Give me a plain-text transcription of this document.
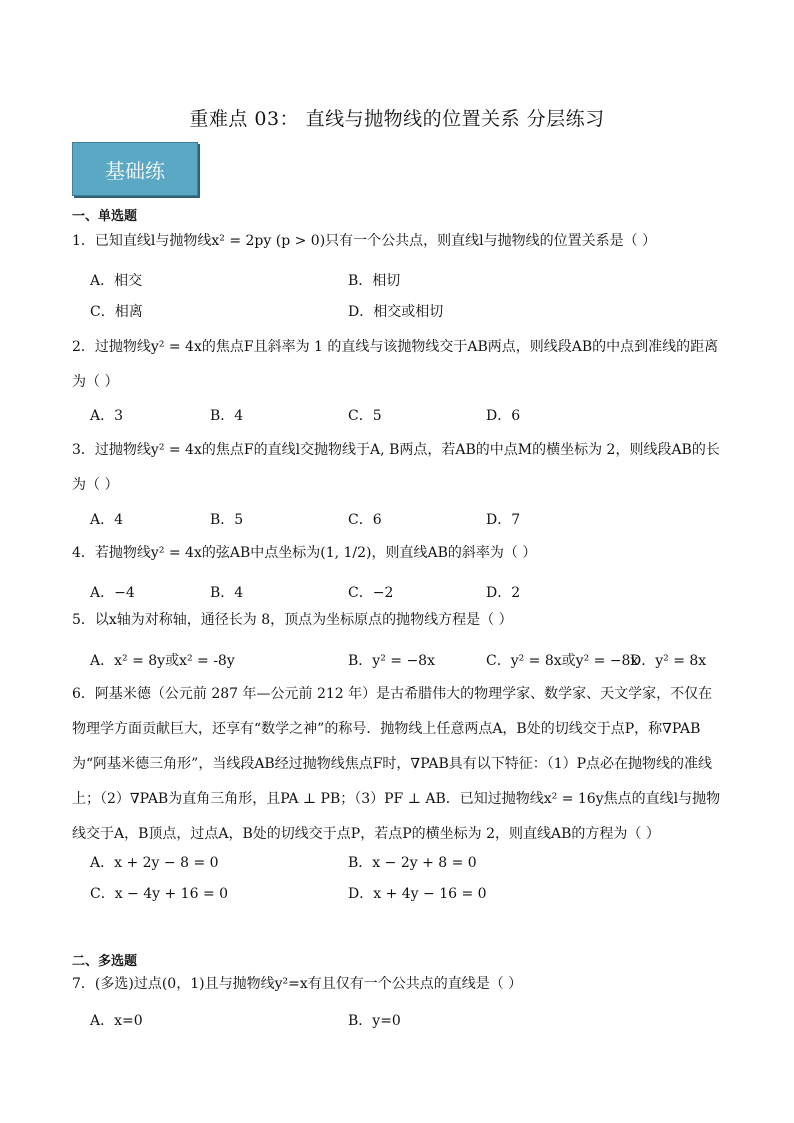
重难点 03： 直线与抛物线的位置关系 分层练习
基础练
一、单选题
1．已知直线l与抛物线x² = 2py (p > 0)只有一个公共点，则直线l与抛物线的位置关系是（ ）
A．相交	B．相切
C．相离	D．相交或相切
2．过抛物线y² = 4x的焦点F且斜率为 1 的直线与该抛物线交于AB两点，则线段AB的中点到准线的距离为（ ）
A．3	B．4	C．5	D．6
3．过抛物线y² = 4x的焦点F的直线l交抛物线于A, B两点，若AB的中点M的横坐标为 2，则线段AB的长为（ ）
A．4	B．5	C．6	D．7
4．若抛物线y² = 4x的弦AB中点坐标为(1, 1/2)，则直线AB的斜率为（ ）
A．−4	B．4	C．−2	D．2
5．以x轴为对称轴，通径长为 8，顶点为坐标原点的抛物线方程是（ ）
A．x² = 8y或x² = -8y	B．y² = −8x	C．y² = 8x或y² = −8x
D．y² = 8x
6．阿基米德（公元前 287 年—公元前 212 年）是古希腊伟大的物理学家、数学家、天文学家，不仅在物理学方面贡献巨大，还享有“数学之神”的称号．抛物线上任意两点A，B处的切线交于点P，称∇PAB为“阿基米德三角形”，当线段AB经过抛物线焦点F时，∇PAB具有以下特征：（1）P点必在抛物线的准线上；（2）∇PAB为直角三角形，且PA ⊥ PB；（3）PF ⊥ AB．已知过抛物线x² = 16y焦点的直线l与抛物线交于A，B顶点，过点A，B处的切线交于点P，若点P的横坐标为 2，则直线AB的方程为（ ）
A．x + 2y − 8 = 0	B．x − 2y + 8 = 0
C．x − 4y + 16 = 0	D．x + 4y − 16 = 0
二、多选题
7．(多选)过点(0，1)且与抛物线y²=x有且仅有一个公共点的直线是（ ）
A．x=0	B．y=0
